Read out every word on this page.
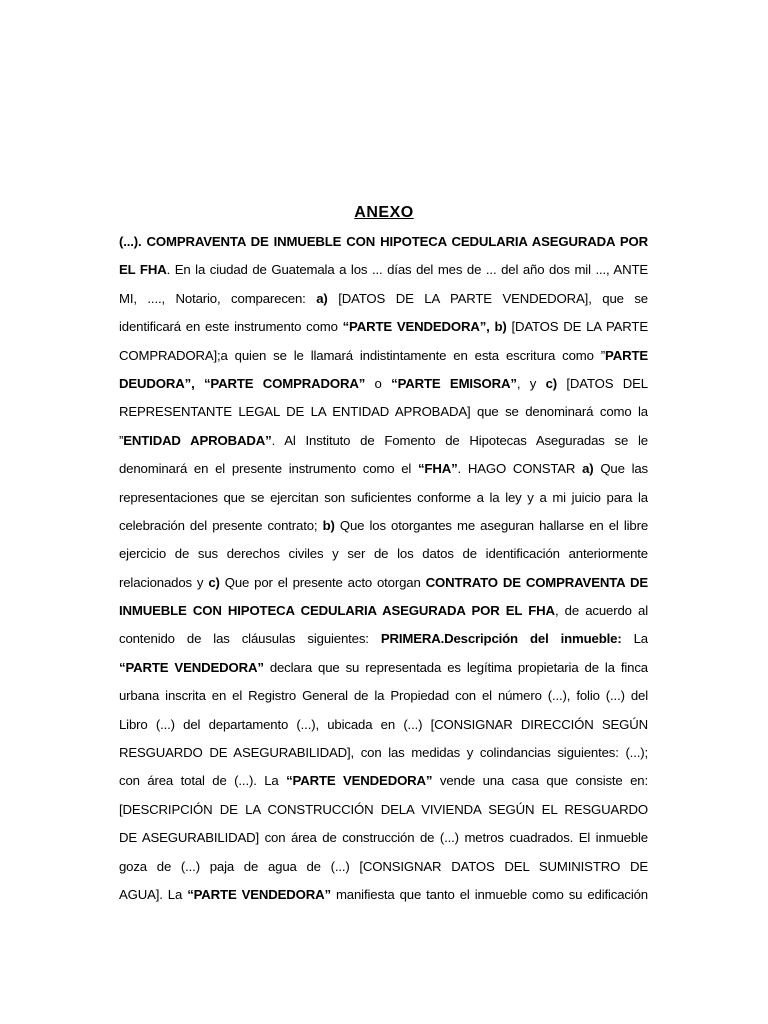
ANEXO
(...). COMPRAVENTA DE INMUEBLE CON HIPOTECA CEDULARIA ASEGURADA POR
EL FHA. En la ciudad de Guatemala a los ... días del mes de ... del año dos mil ..., ANTE
MI, ...., Notario, comparecen: a) [DATOS DE LA PARTE VENDEDORA], que se
identificará en este instrumento como “PARTE VENDEDORA”, b) [DATOS DE LA PARTE
COMPRADORA];a quien se le llamará indistintamente en esta escritura como ”PARTE
DEUDORA”, “PARTE COMPRADORA” o “PARTE EMISORA”, y c) [DATOS DEL
REPRESENTANTE LEGAL DE LA ENTIDAD APROBADA] que se denominará como la
”ENTIDAD APROBADA”. Al Instituto de Fomento de Hipotecas Aseguradas se le
denominará en el presente instrumento como el “FHA”. HAGO CONSTAR a) Que las
representaciones que se ejercitan son suficientes conforme a la ley y a mi juicio para la
celebración del presente contrato; b) Que los otorgantes me aseguran hallarse en el libre
ejercicio de sus derechos civiles y ser de los datos de identificación anteriormente
relacionados y c) Que por el presente acto otorgan CONTRATO DE COMPRAVENTA DE
INMUEBLE CON HIPOTECA CEDULARIA ASEGURADA POR EL FHA, de acuerdo al
contenido de las cláusulas siguientes: PRIMERA.Descripción del inmueble: La
“PARTE VENDEDORA” declara que su representada es legítima propietaria de la finca
urbana inscrita en el Registro General de la Propiedad con el número (...), folio (...) del
Libro (...) del departamento (...), ubicada en (...) [CONSIGNAR DIRECCIÓN SEGÚN
RESGUARDO DE ASEGURABILIDAD], con las medidas y colindancias siguientes: (...);
con área total de (...). La “PARTE VENDEDORA” vende una casa que consiste en:
[DESCRIPCIÓN DE LA CONSTRUCCIÓN DELA VIVIENDA SEGÚN EL RESGUARDO
DE ASEGURABILIDAD] con área de construcción de (...) metros cuadrados. El inmueble
goza de (...) paja de agua de (...) [CONSIGNAR DATOS DEL SUMINISTRO DE
AGUA]. La “PARTE VENDEDORA” manifiesta que tanto el inmueble como su edificación
